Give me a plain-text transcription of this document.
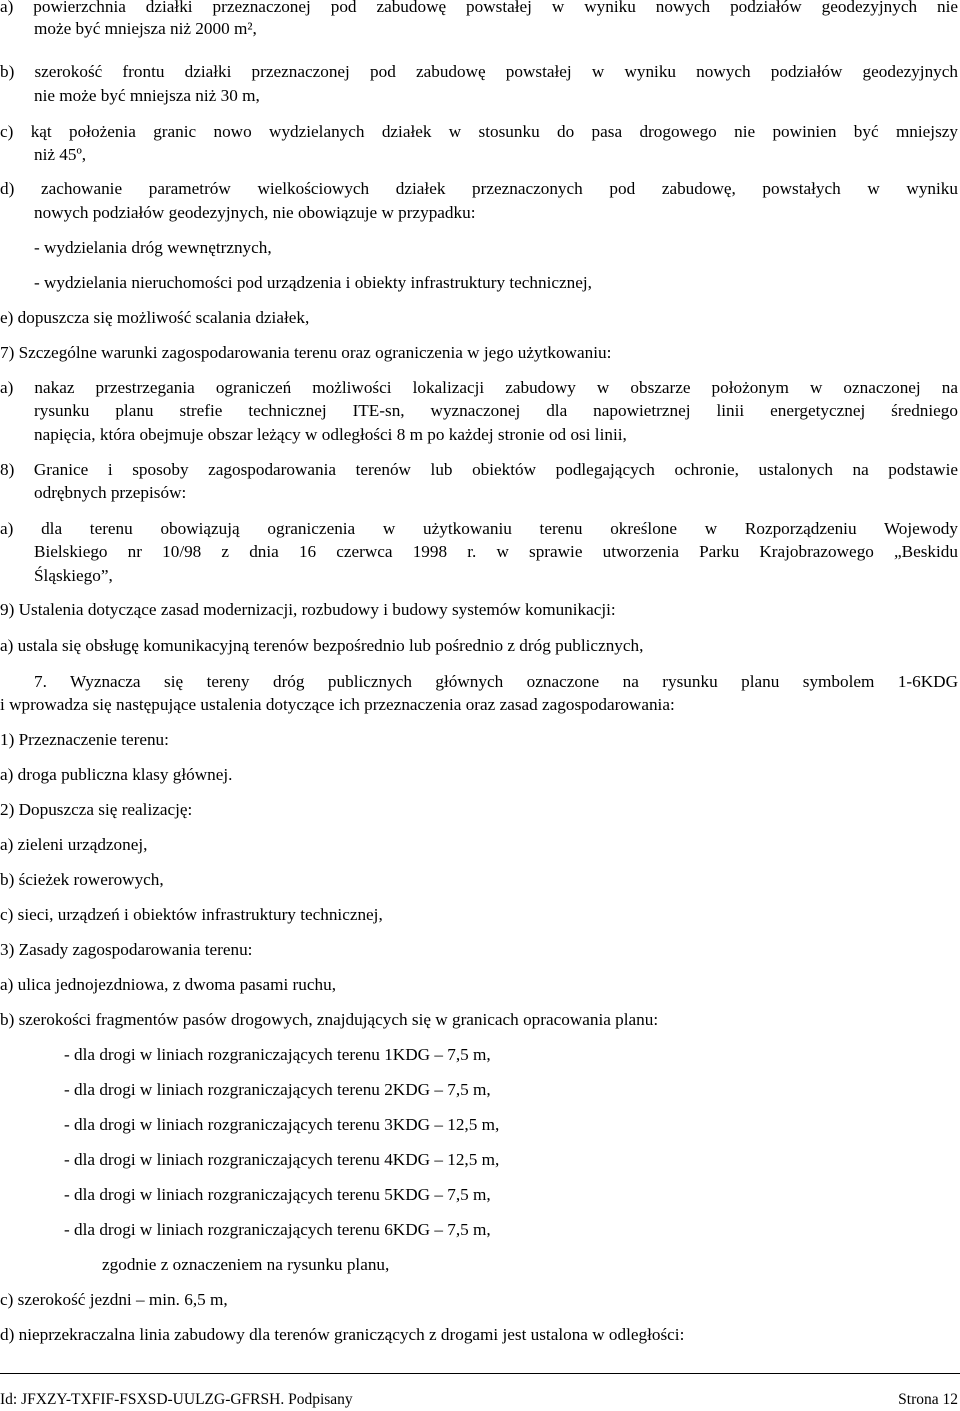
a) powierzchnia działki przeznaczonej pod zabudowę powstałej w wyniku nowych podziałów geodezyjnych nie
może być mniejsza niż 2000 m²,
b) szerokość frontu działki przeznaczonej pod zabudowę powstałej w wyniku nowych podziałów geodezyjnych
nie może być mniejsza niż 30 m,
c) kąt położenia granic nowo wydzielanych działek w stosunku do pasa drogowego nie powinien być mniejszy
niż 45º,
d) zachowanie parametrów wielkościowych działek przeznaczonych pod zabudowę, powstałych w wyniku
nowych podziałów geodezyjnych, nie obowiązuje w przypadku:
- wydzielania dróg wewnętrznych,
- wydzielania nieruchomości pod urządzenia i obiekty infrastruktury technicznej,
e) dopuszcza się możliwość scalania działek,
7) Szczególne warunki zagospodarowania terenu oraz ograniczenia w jego użytkowaniu:
a) nakaz przestrzegania ograniczeń możliwości lokalizacji zabudowy w obszarze położonym w oznaczonej na
rysunku planu strefie technicznej ITE-sn, wyznaczonej dla napowietrznej linii energetycznej średniego
napięcia, która obejmuje obszar leżący w odległości 8 m po każdej stronie od osi linii,
8) Granice i sposoby zagospodarowania terenów lub obiektów podlegających ochronie, ustalonych na podstawie
odrębnych przepisów:
a) dla terenu obowiązują ograniczenia w użytkowaniu terenu określone w Rozporządzeniu Wojewody
Bielskiego nr 10/98 z dnia 16 czerwca 1998 r. w sprawie utworzenia Parku Krajobrazowego „Beskidu
Śląskiego”,
9) Ustalenia dotyczące zasad modernizacji, rozbudowy i budowy systemów komunikacji:
a) ustala się obsługę komunikacyjną terenów bezpośrednio lub pośrednio z dróg publicznych,
7. Wyznacza się tereny dróg publicznych głównych oznaczone na rysunku planu symbolem 1-6KDG
i wprowadza się następujące ustalenia dotyczące ich przeznaczenia oraz zasad zagospodarowania:
1) Przeznaczenie terenu:
a) droga publiczna klasy głównej.
2) Dopuszcza się realizację:
a) zieleni urządzonej,
b) ścieżek rowerowych,
c) sieci, urządzeń i obiektów infrastruktury technicznej,
3) Zasady zagospodarowania terenu:
a) ulica jednojezdniowa, z dwoma pasami ruchu,
b) szerokości fragmentów pasów drogowych, znajdujących się w granicach opracowania planu:
- dla drogi w liniach rozgraniczających terenu 1KDG – 7,5 m,
- dla drogi w liniach rozgraniczających terenu 2KDG – 7,5 m,
- dla drogi w liniach rozgraniczających terenu 3KDG – 12,5 m,
- dla drogi w liniach rozgraniczających terenu 4KDG – 12,5 m,
- dla drogi w liniach rozgraniczających terenu 5KDG – 7,5 m,
- dla drogi w liniach rozgraniczających terenu 6KDG – 7,5 m,
zgodnie z oznaczeniem na rysunku planu,
c) szerokość jezdni – min. 6,5 m,
d) nieprzekraczalna linia zabudowy dla terenów graniczących z drogami jest ustalona w odległości:
Id: JFXZY-TXFIF-FSXSD-UULZG-GFRSH. Podpisany	Strona 12
